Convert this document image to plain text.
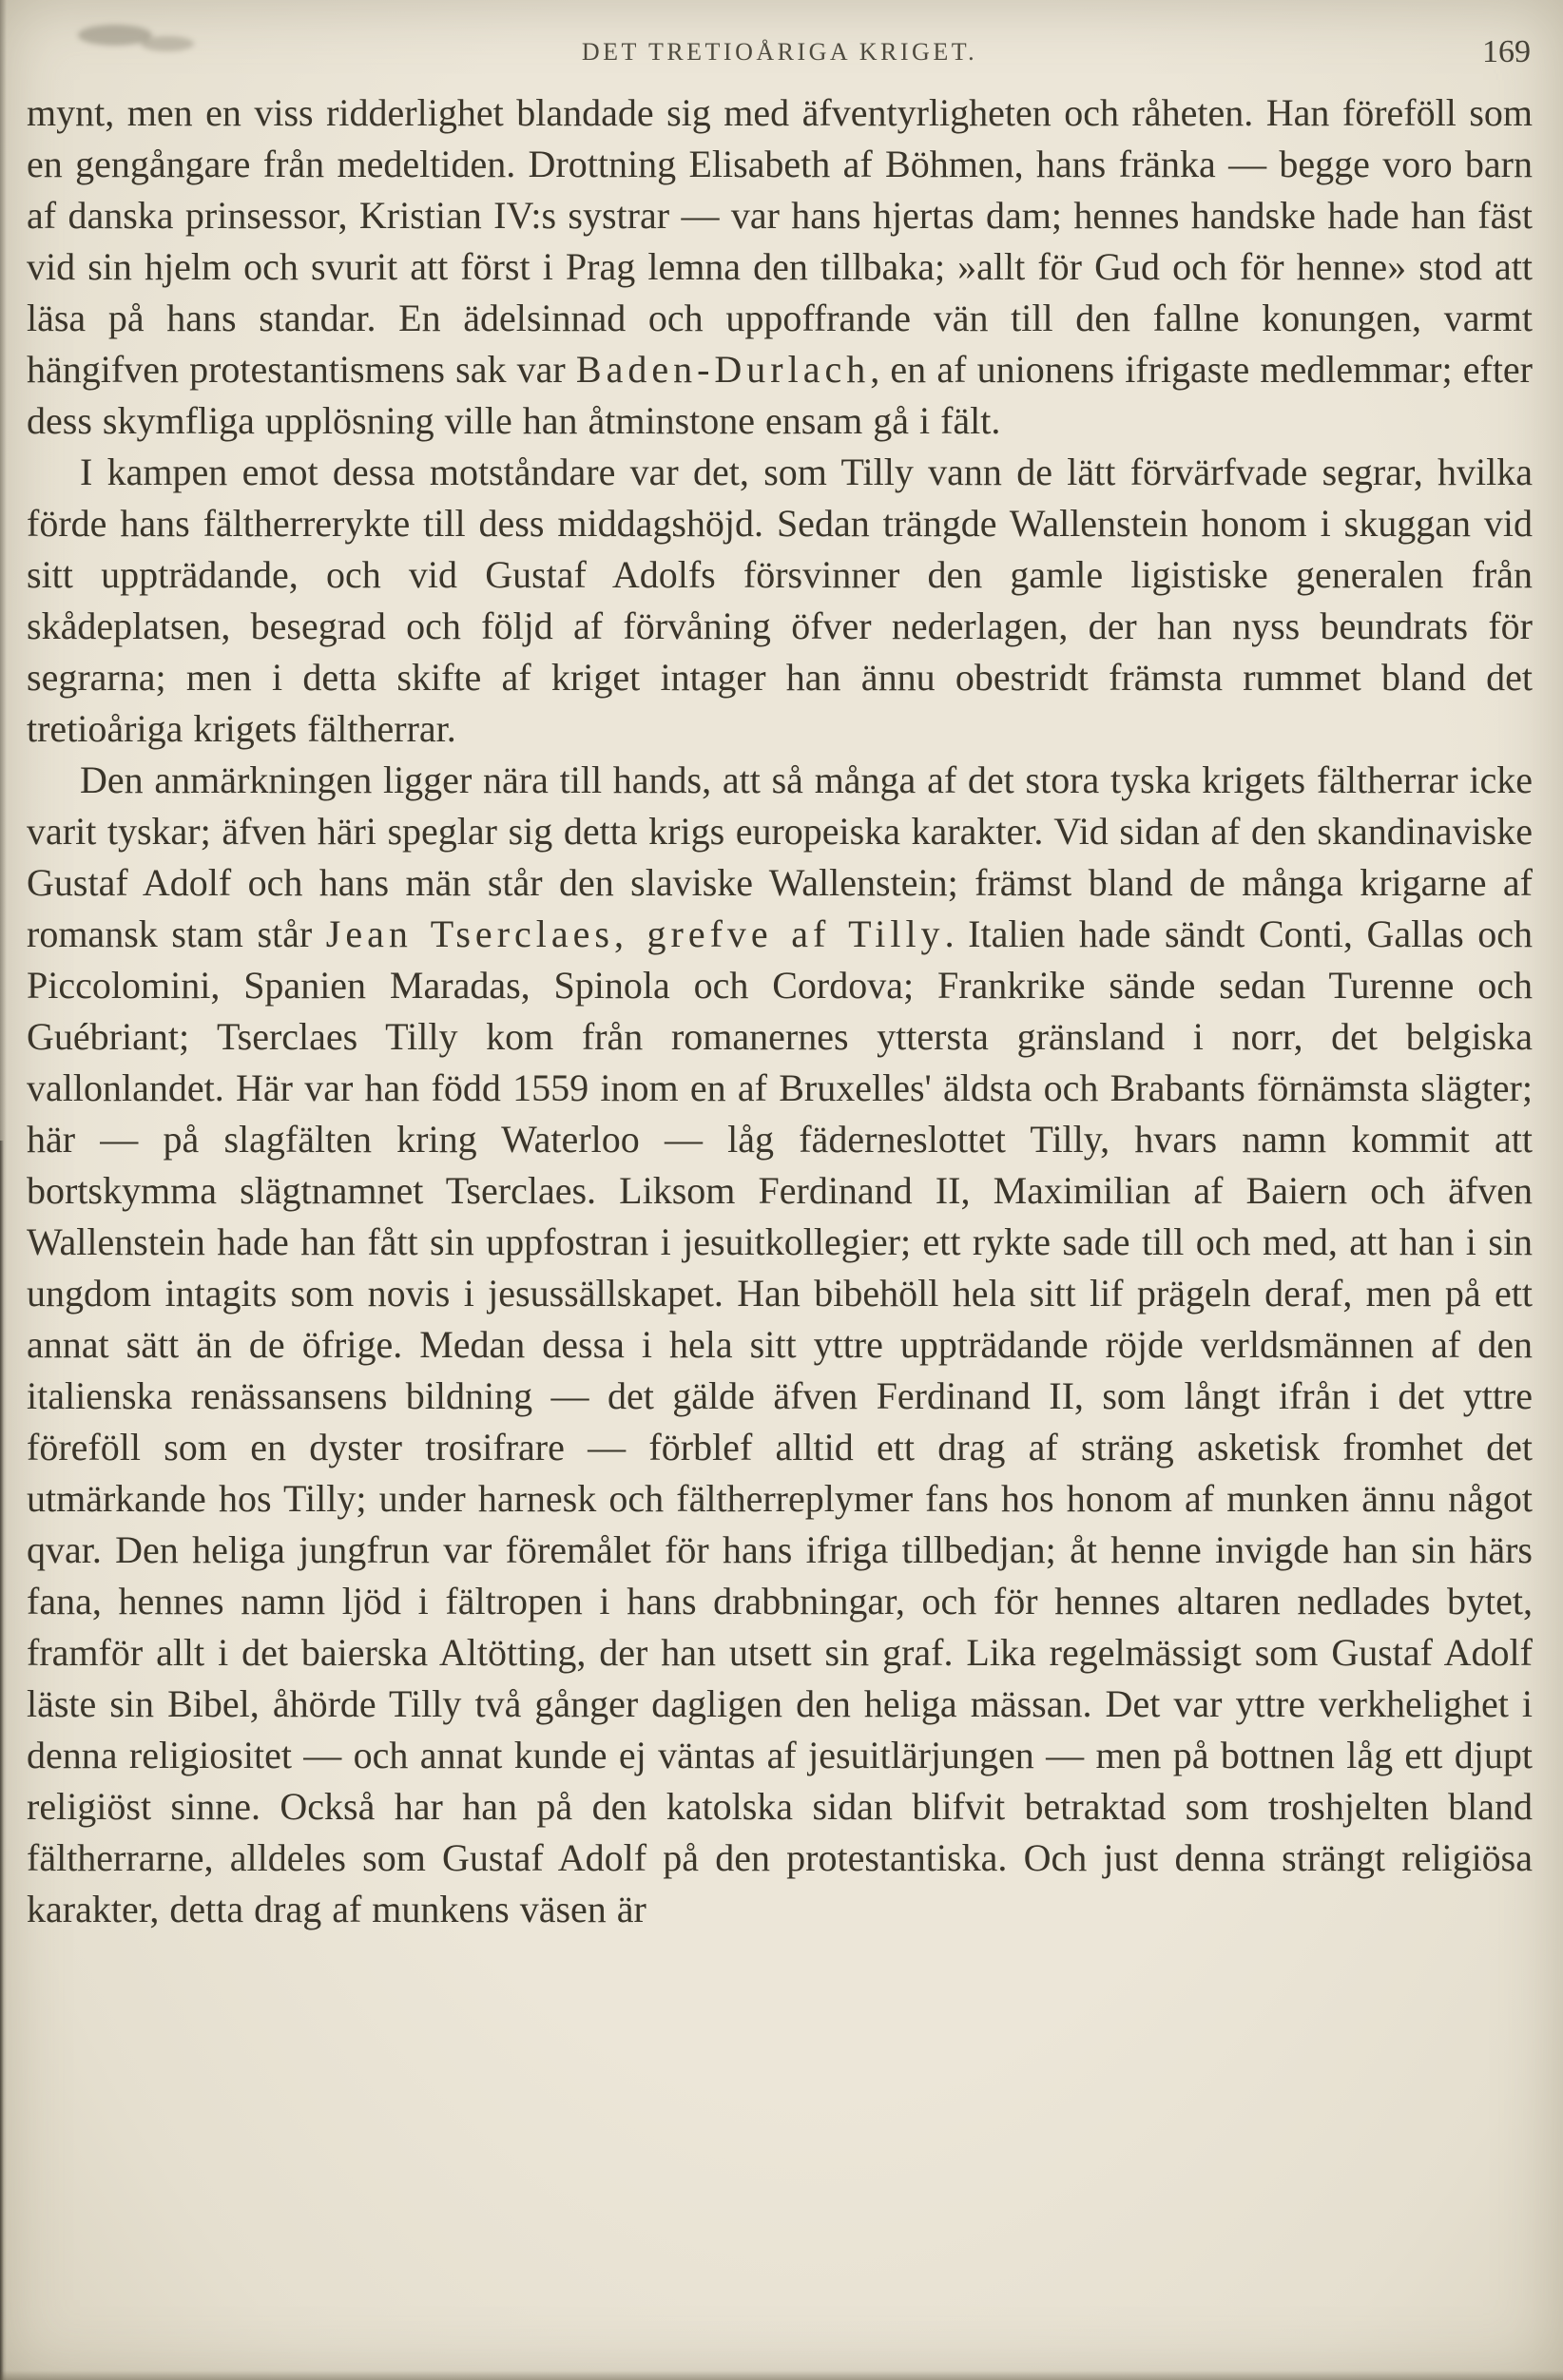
DET TRETIOÅRIGA KRIGET.	169

mynt, men en viss ridderlighet blandade sig med äfventyrligheten och råheten. Han föreföll som en gengångare från medeltiden. Drottning Elisabeth af Böhmen, hans fränka — begge voro barn af danska prinsessor, Kristian IV:s systrar — var hans hjertas dam; hennes handske hade han fäst vid sin hjelm och svurit att först i Prag lemna den tillbaka; »allt för Gud och för henne» stod att läsa på hans standar. En ädelsinnad och uppoffrande vän till den fallne konungen, varmt hängifven protestantismens sak var Baden-Durlach, en af unionens ifrigaste medlemmar; efter dess skymfliga upplösning ville han åtminstone ensam gå i fält.

I kampen emot dessa motståndare var det, som Tilly vann de lätt förvärfvade segrar, hvilka förde hans fältherrerykte till dess middagshöjd. Sedan trängde Wallenstein honom i skuggan vid sitt uppträdande, och vid Gustaf Adolfs försvinner den gamle ligistiske generalen från skådeplatsen, besegrad och följd af förvåning öfver nederlagen, der han nyss beundrats för segrarna; men i detta skifte af kriget intager han ännu obestridt främsta rummet bland det tretioåriga krigets fältherrar.

Den anmärkningen ligger nära till hands, att så många af det stora tyska krigets fältherrar icke varit tyskar; äfven häri speglar sig detta krigs europeiska karakter. Vid sidan af den skandinaviske Gustaf Adolf och hans män står den slaviske Wallenstein; främst bland de många krigarne af romansk stam står Jean Tserclaes, grefve af Tilly. Italien hade sändt Conti, Gallas och Piccolomini, Spanien Maradas, Spinola och Cordova; Frankrike sände sedan Turenne och Guébriant; Tserclaes Tilly kom från romanernes yttersta gränsland i norr, det belgiska vallonlandet. Här var han född 1559 inom en af Bruxelles' äldsta och Brabants förnämsta slägter; här — på slagfälten kring Waterloo — låg fäderneslottet Tilly, hvars namn kommit att bortskymma slägtnamnet Tserclaes. Liksom Ferdinand II, Maximilian af Baiern och äfven Wallenstein hade han fått sin uppfostran i jesuitkollegier; ett rykte sade till och med, att han i sin ungdom intagits som novis i jesussällskapet. Han bibehöll hela sitt lif prägeln deraf, men på ett annat sätt än de öfrige. Medan dessa i hela sitt yttre uppträdande röjde verldsmännen af den italienska renässansens bildning — det gälde äfven Ferdinand II, som långt ifrån i det yttre föreföll som en dyster trosifrare — förblef alltid ett drag af sträng asketisk fromhet det utmärkande hos Tilly; under harnesk och fältherreplymer fans hos honom af munken ännu något qvar. Den heliga jungfrun var föremålet för hans ifriga tillbedjan; åt henne invigde han sin härs fana, hennes namn ljöd i fältropen i hans drabbningar, och för hennes altaren nedlades bytet, framför allt i det baierska Altötting, der han utsett sin graf. Lika regelmässigt som Gustaf Adolf läste sin Bibel, åhörde Tilly två gånger dagligen den heliga mässan. Det var yttre verkhelighet i denna religiositet — och annat kunde ej väntas af jesuitlärjungen — men på bottnen låg ett djupt religiöst sinne. Också har han på den katolska sidan blifvit betraktad som troshjelten bland fältherrarne, alldeles som Gustaf Adolf på den protestantiska. Och just denna strängt religiösa karakter, detta drag af munkens väsen är
